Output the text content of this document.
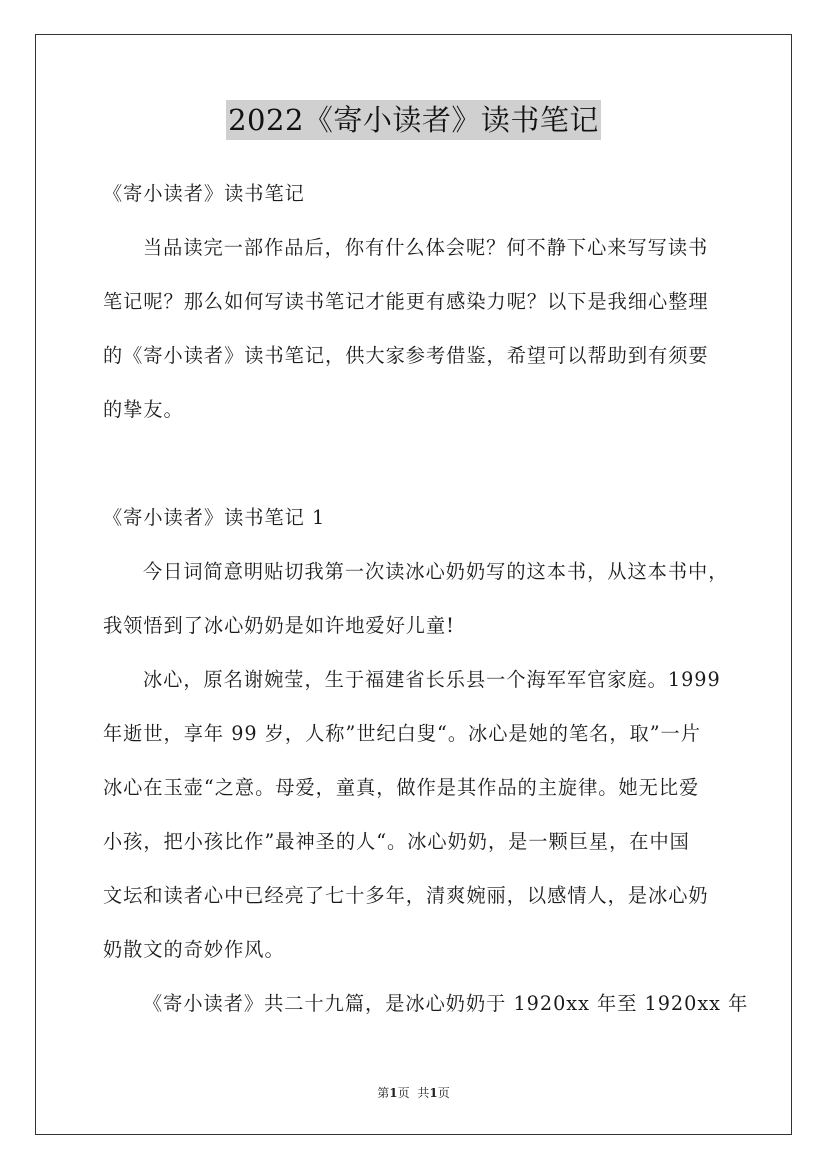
2022《寄小读者》读书笔记
《寄小读者》读书笔记
当品读完一部作品后，你有什么体会呢？何不静下心来写写读书
笔记呢？那么如何写读书笔记才能更有感染力呢？以下是我细心整理
的《寄小读者》读书笔记，供大家参考借鉴，希望可以帮助到有须要
的挚友。
《寄小读者》读书笔记 1
今日词简意明贴切我第一次读冰心奶奶写的这本书，从这本书中，
我领悟到了冰心奶奶是如许地爱好儿童!
冰心，原名谢婉莹，生于福建省长乐县一个海军军官家庭。1999
年逝世，享年 99 岁，人称”世纪白叟“。冰心是她的笔名，取”一片
冰心在玉壶“之意。母爱，童真，做作是其作品的主旋律。她无比爱
小孩，把小孩比作”最神圣的人“。冰心奶奶，是一颗巨星，在中国
文坛和读者心中已经亮了七十多年，清爽婉丽，以感情人，是冰心奶
奶散文的奇妙作风。
《寄小读者》共二十九篇，是冰心奶奶于 1920xx 年至 1920xx 年
第1页 共1页
